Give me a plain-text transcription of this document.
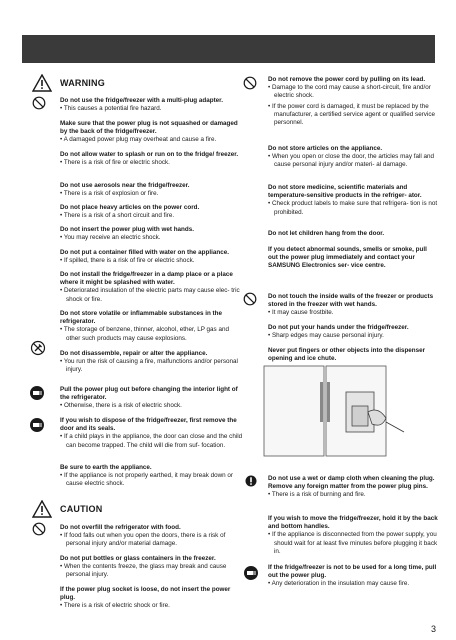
WARNING
Do not use the fridge/freezer with a multi-plug adapter.
• This causes a potential fire hazard.
Make sure that the power plug is not squashed or damaged by the back of the fridge/freezer.
• A damaged power plug may overheat and cause a fire.
Do not allow water to splash or run on to the fridge/ freezer.
• There is a risk of fire or electric shock.
Do not use aerosols near the fridge/freezer.
• There is a risk of explosion or fire.
Do not place heavy articles on the power cord.
• There is a risk of a short circuit and fire.
Do not insert the power plug with wet hands.
• You may receive an electric shock.
Do not put a container filled with water on the appliance.
• If spilled, there is a risk of fire or electric shock.
Do not install the fridge/freezer in a damp place or a place where it might be splashed with water.
• Deteriorated insulation of the electric parts may cause elec- tric shock or fire.
Do not store volatile or inflammable substances in the refrigerator.
• The storage of benzene, thinner, alcohol, ether, LP gas and other such products may cause explosions.
Do not disassemble, repair or alter the appliance.
• You run the risk of causing a fire, malfunctions and/or personal injury.
Pull the power plug out before changing the interior light of the refrigerator.
• Otherwise, there is a risk of electric shock.
If you wish to dispose of the fridge/freezer, first remove the door and its seals.
• If a child plays in the appliance, the door can close and the child can become trapped. The child will die from suf- focation.
Be sure to earth the appliance.
• If the appliance is not properly earthed, it may break down or cause electric shock.
CAUTION
Do not overfill the refrigerator with food.
• If food falls out when you open the doors, there is a risk of personal injury and/or material damage.
Do not put bottles or glass containers in the freezer.
• When the contents freeze, the glass may break and cause personal injury.
If the power plug socket is loose, do not insert the power plug.
• There is a risk of electric shock or fire.
Do not remove the power cord by pulling on its lead.
• Damage to the cord may cause a short-circuit, fire and/or electric shock.
• If the power cord is damaged, it must be replaced by the manufacturer, a certified service agent or qualified service personnel.
Do not store articles on the appliance.
• When you open or close the door, the articles may fall and cause personal injury and/or materi- al damage.
Do not store medicine, scientific materials and temperature-sensitive products in the refriger- ator.
• Check product labels to make sure that refrigera- tion is not prohibited.
Do not let children hang from the door.
If you detect abnormal sounds, smells or smoke, pull out the power plug immediately and contact your SAMSUNG Electronics ser- vice centre.
Do not touch the inside walls of the freezer or products stored in the freezer with wet hands.
• It may cause frostbite.
Do not put your hands under the fridge/freezer.
• Sharp edges may cause personal injury.
Never put fingers or other objects into the dispenser opening and ice chute.
Do not use a wet or damp cloth when cleaning the plug. Remove any foreign matter from the power plug pins.
• There is a risk of burning and fire.
If you wish to move the fridge/freezer, hold it by the back and bottom handles.
• If the appliance is disconnected from the power supply, you should wait for at least five minutes before plugging it back in.
If the fridge/freezer is not to be used for a long time, pull out the power plug.
• Any deterioration in the insulation may cause fire.
3
